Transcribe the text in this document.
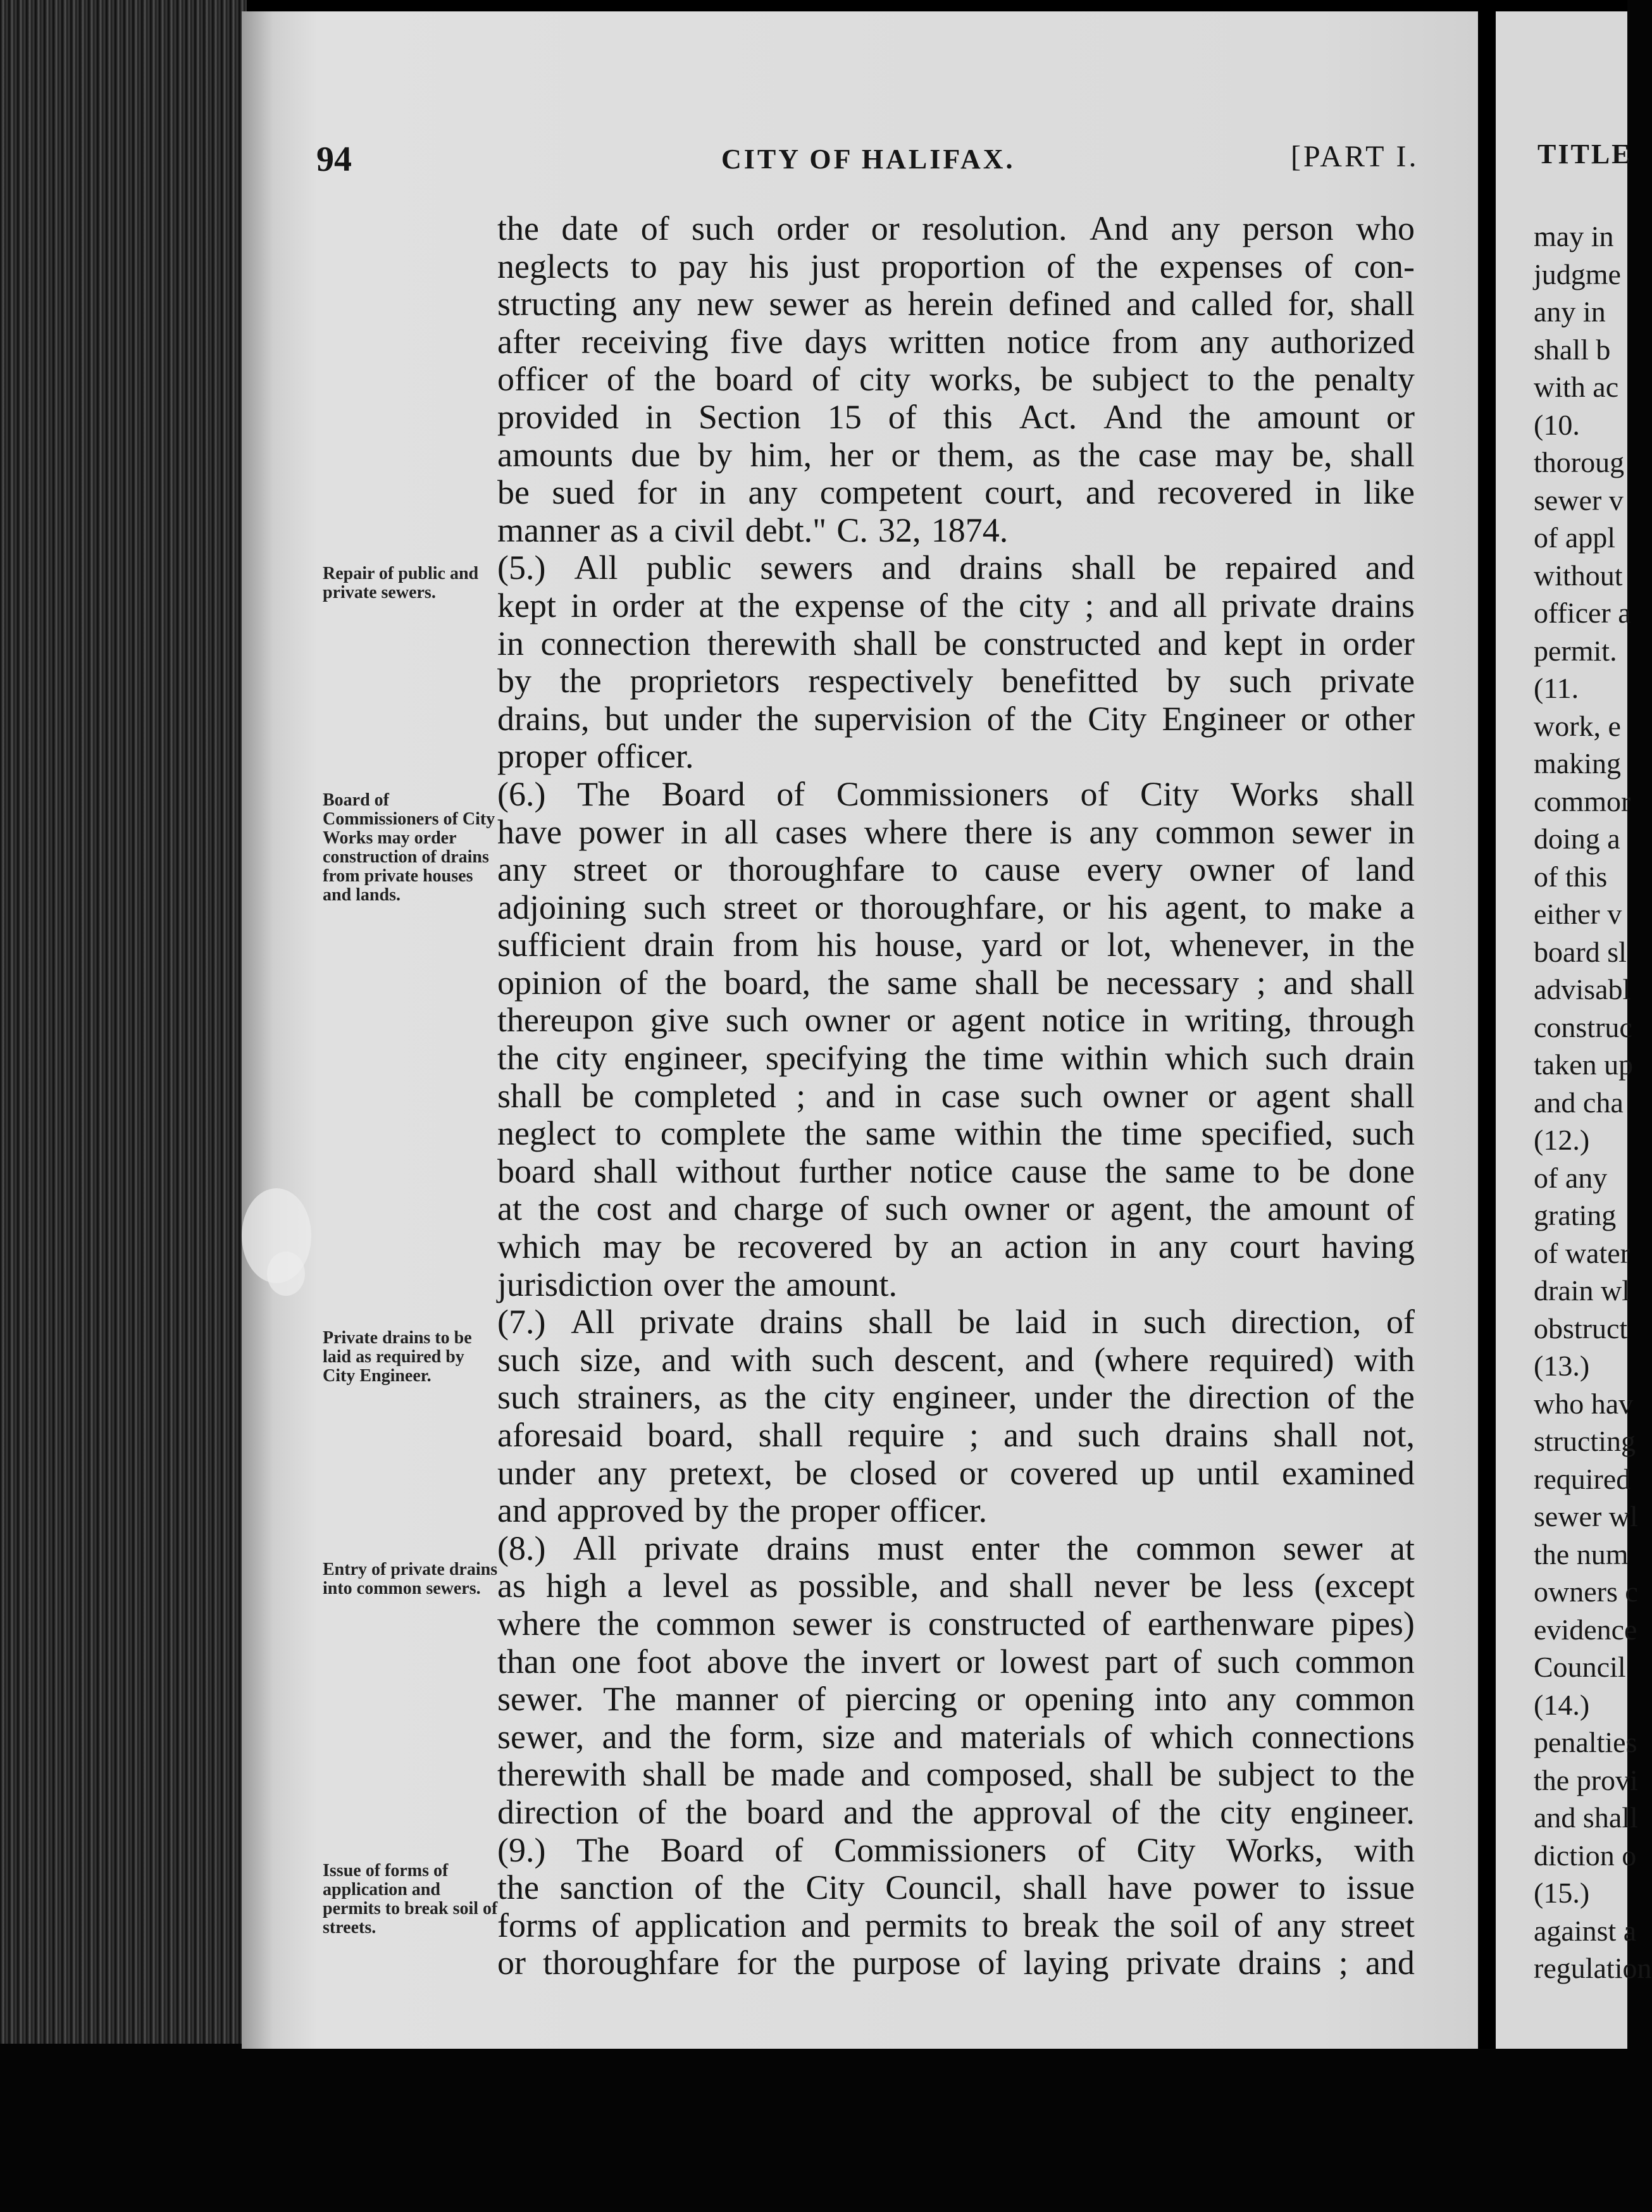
94	CITY OF HALIFAX.	[PART I.
the date of such order or resolution. And any person who
neglects to pay his just proportion of the expenses of con-
structing any new sewer as herein defined and called for, shall
after receiving five days written notice from any authorized
officer of the board of city works, be subject to the penalty
provided in Section 15 of this Act. And the amount or
amounts due by him, her or them, as the case may be, shall
be sued for in any competent court, and recovered in like
manner as a civil debt." C. 32, 1874.
(5.) All public sewers and drains shall be repaired and
kept in order at the expense of the city ; and all private drains
in connection therewith shall be constructed and kept in order
by the proprietors respectively benefitted by such private
drains, but under the supervision of the City Engineer or other
proper officer.
(6.) The Board of Commissioners of City Works shall
have power in all cases where there is any common sewer in
any street or thoroughfare to cause every owner of land
adjoining such street or thoroughfare, or his agent, to make a
sufficient drain from his house, yard or lot, whenever, in the
opinion of the board, the same shall be necessary ; and shall
thereupon give such owner or agent notice in writing, through
the city engineer, specifying the time within which such drain
shall be completed ; and in case such owner or agent shall
neglect to complete the same within the time specified, such
board shall without further notice cause the same to be done
at the cost and charge of such owner or agent, the amount of
which may be recovered by an action in any court having
jurisdiction over the amount.
(7.) All private drains shall be laid in such direction, of
such size, and with such descent, and (where required) with
such strainers, as the city engineer, under the direction of the
aforesaid board, shall require ; and such drains shall not,
under any pretext, be closed or covered up until examined
and approved by the proper officer.
(8.) All private drains must enter the common sewer at
as high a level as possible, and shall never be less (except
where the common sewer is constructed of earthenware pipes)
than one foot above the invert or lowest part of such common
sewer. The manner of piercing or opening into any common
sewer, and the form, size and materials of which connections
therewith shall be made and composed, shall be subject to the
direction of the board and the approval of the city engineer.
(9.) The Board of Commissioners of City Works, with
the sanction of the City Council, shall have power to issue
forms of application and permits to break the soil of any street
or thoroughfare for the purpose of laying private drains ; and
Repair of public and private sewers.
Board of Commissioners of City Works may order construction of drains from private houses and lands.
Private drains to be laid as required by City Engineer.
Entry of private drains into common sewers.
Issue of forms of application and permits to break soil of streets.
TITLE
may in
judgme
any in
shall b
with ac
(10.
thoroug
sewer v
of appl
without
officer a
permit.
(11.
work, e
making
commor
doing a
of this
either v
board sl
advisabl
construc
taken up
and cha
(12.)
of any
grating
of water
drain wl
obstruct
(13.)
who hav
structing
required
sewer wl
the num
owners c
evidence
Council
(14.)
penalties
the provi
and shall
diction o
(15.)
against a
regulation
